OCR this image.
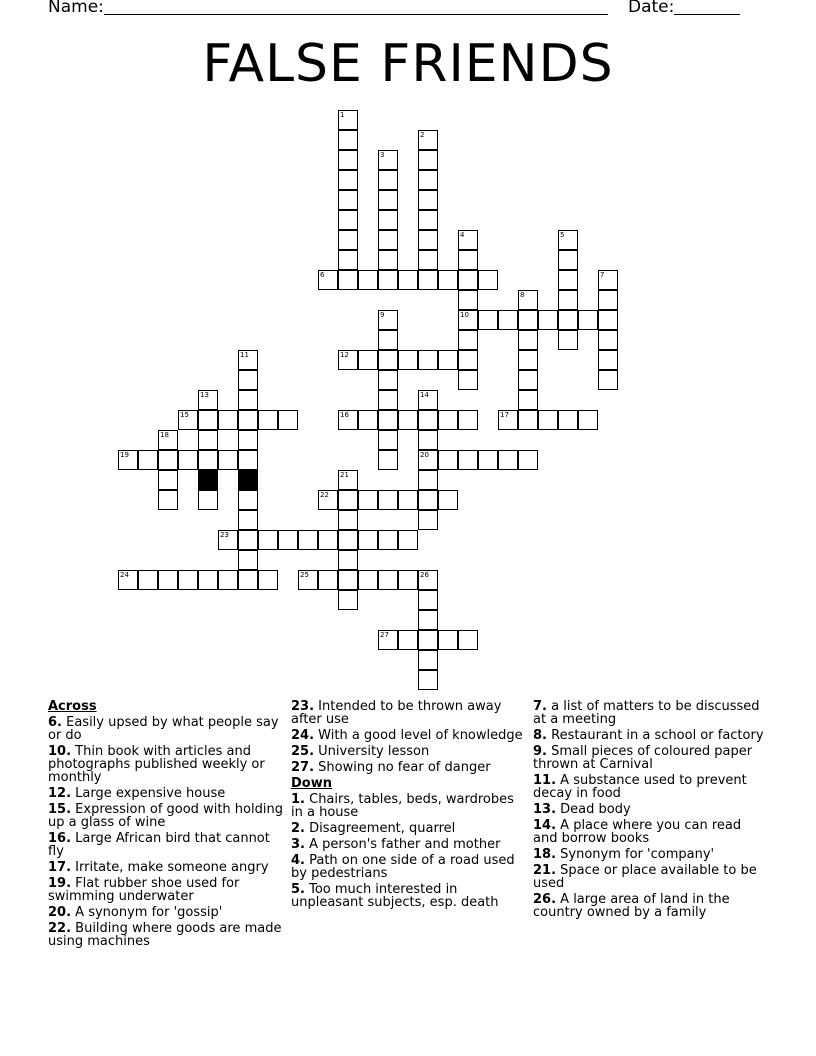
Name:	Date:
FALSE FRIENDS
1
2
3
4
10
5
6	7
8
9
11	12
13	14
20
15	16	17
18
19
21
22
23
24	25	26
27
Across
6. Easily upsed by what people say or do
10. Thin book with articles and photographs published weekly or monthly
12. Large expensive house
15. Expression of good with holding up a glass of wine
16. Large African bird that cannot fly
17. Irritate, make someone angry
19. Flat rubber shoe used for swimming underwater
20. A synonym for 'gossip'
22. Building where goods are made using machines
23. Intended to be thrown away after use
24. With a good level of knowledge
25. University lesson
27. Showing no fear of danger
Down
1. Chairs, tables, beds, wardrobes in a house
2. Disagreement, quarrel
3. A person's father and mother
4. Path on one side of a road used by pedestrians
5. Too much interested in unpleasant subjects, esp. death
7. a list of matters to be discussed at a meeting
8. Restaurant in a school or factory
9. Small pieces of coloured paper thrown at Carnival
11. A substance used to prevent decay in food
13. Dead body
14. A place where you can read and borrow books
18. Synonym for 'company'
21. Space or place available to be used
26. A large area of land in the country owned by a family
